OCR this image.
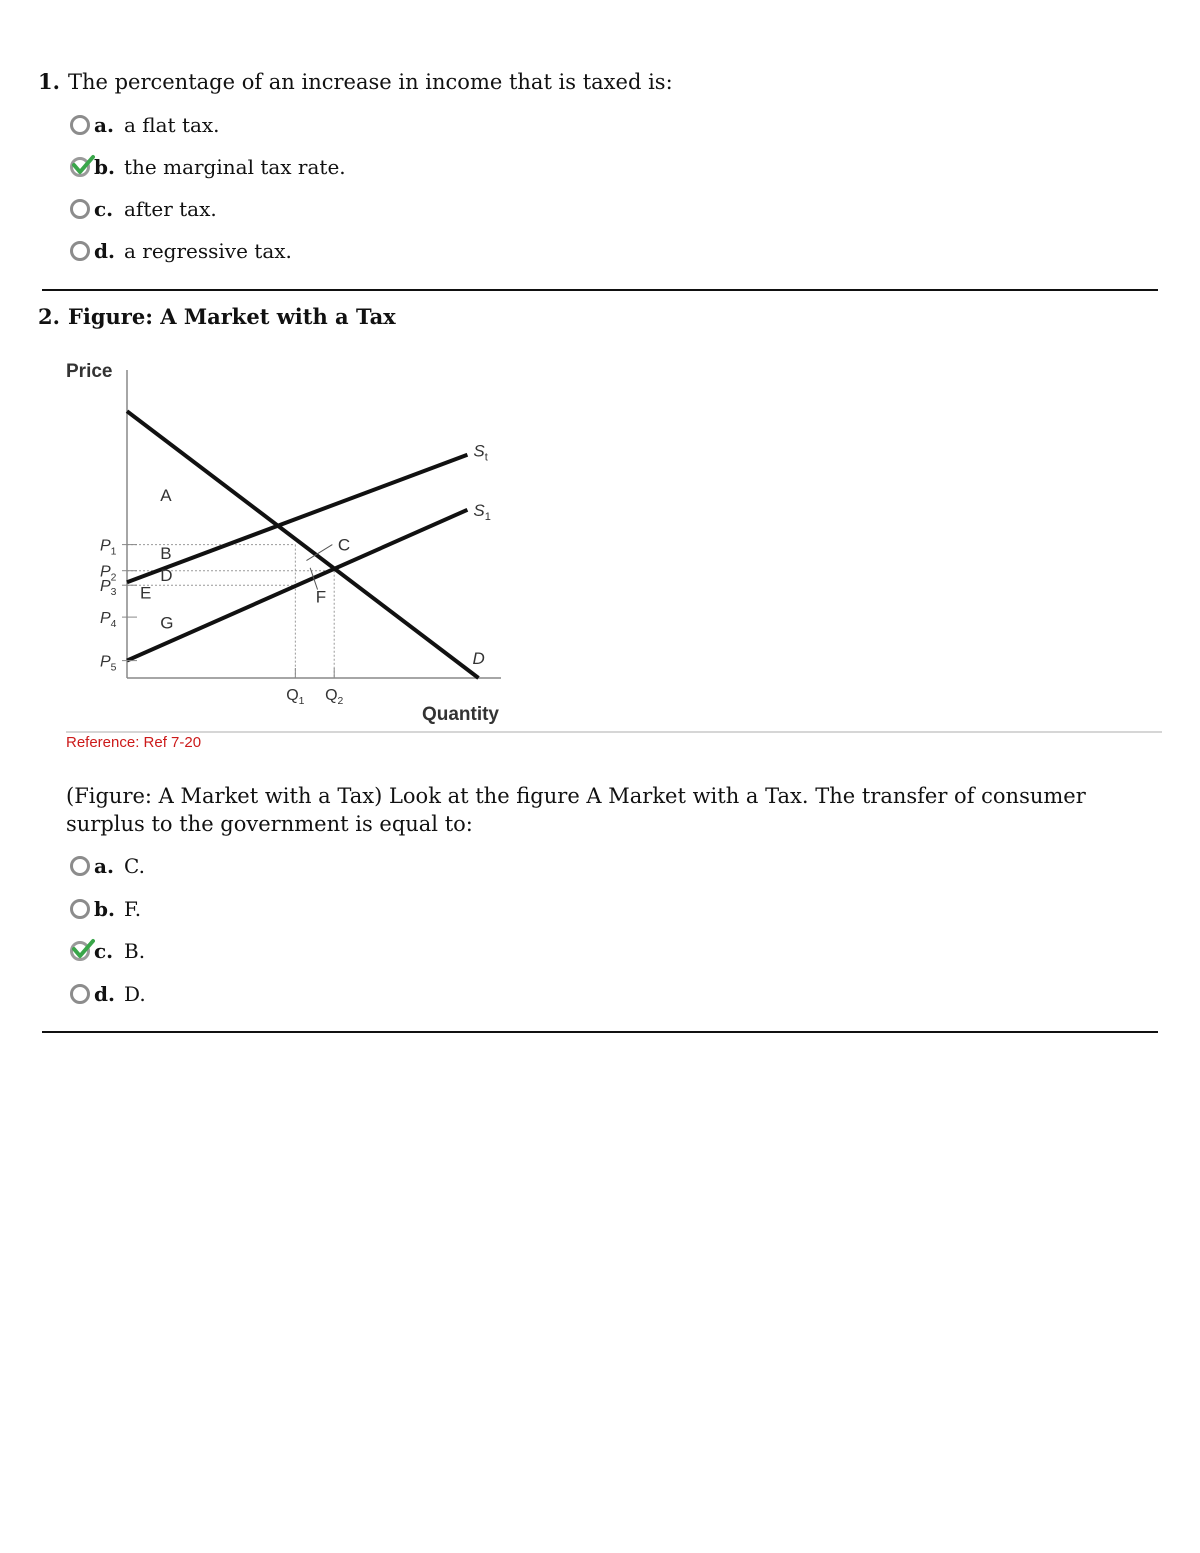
1. The percentage of an increase in income that is taxed is:
a. a flat tax.
b. the marginal tax rate.
c. after tax.
d. a regressive tax.
2. Figure: A Market with a Tax
Price
Quantity
$S_t$
$S_1$
D
$P_1$
$P_2$
$P_3$
$P_4$
$P_5$
$Q_1$ $Q_2$
A
B	C
D
E	F
G
Reference: Ref 7-20
(Figure: A Market with a Tax) Look at the figure A Market with a Tax. The transfer of consumer surplus to the government is equal to:
a. C.
b. F.
c. B.
d. D.
